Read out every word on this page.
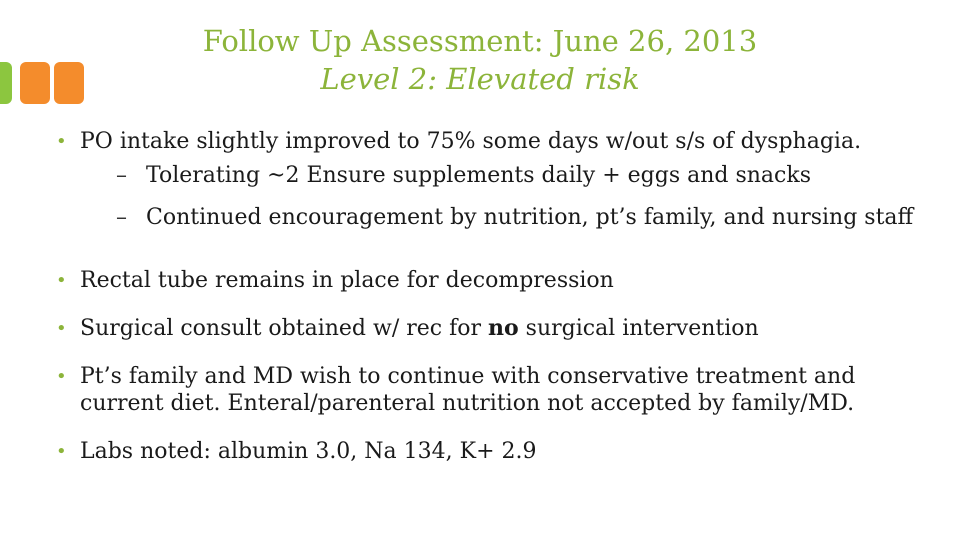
Follow Up Assessment: June 26, 2013
Level 2: Elevated risk
• PO intake slightly improved to 75% some days w/out s/s of dysphagia.
– Tolerating ~2 Ensure supplements daily + eggs and snacks
– Continued encouragement by nutrition, pt’s family, and nursing staff
• Rectal tube remains in place for decompression
• Surgical consult obtained w/ rec for no surgical intervention
• Pt’s family and MD wish to continue with conservative treatment and current diet. Enteral/parenteral nutrition not accepted by family/MD.
• Labs noted: albumin 3.0, Na 134, K+ 2.9
